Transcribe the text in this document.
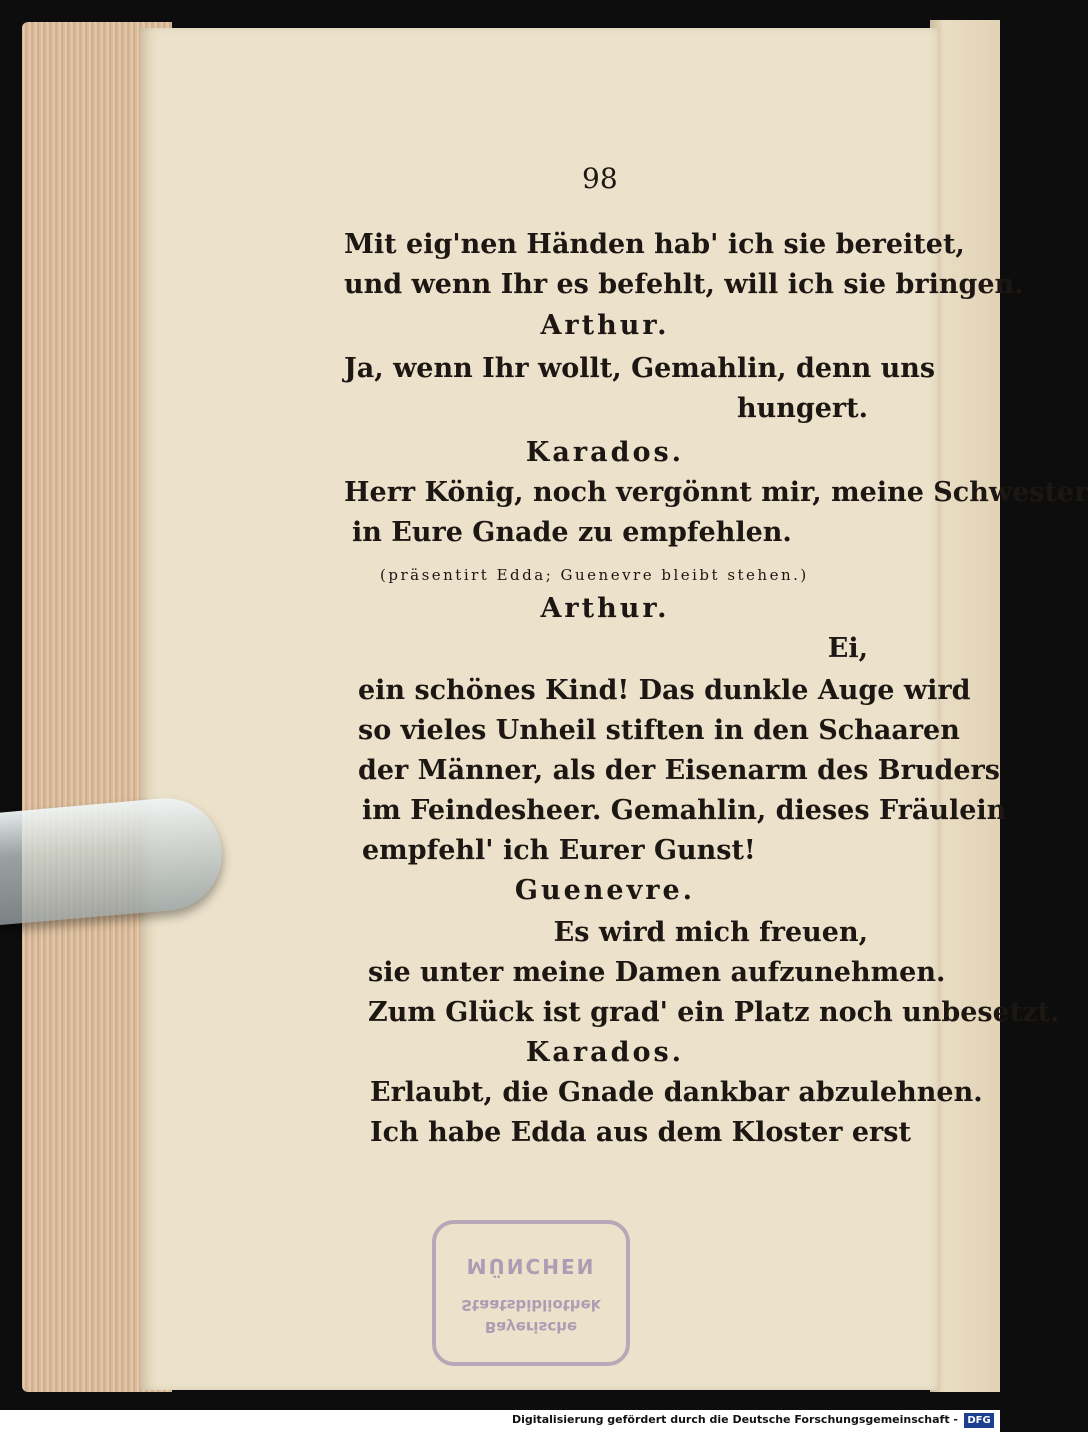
98

Mit eig'nen Händen hab' ich sie bereitet,

und wenn Ihr es befehlt, will ich sie bringen.

Arthur.

Ja, wenn Ihr wollt, Gemahlin, denn uns

hungert.

Karados.

Herr König, noch vergönnt mir, meine Schwester

in Eure Gnade zu empfehlen.

(präsentirt Edda; Guenevre bleibt stehen.)

Arthur.

Ei,

ein schönes Kind! Das dunkle Auge wird

so vieles Unheil stiften in den Schaaren

der Männer, als der Eisenarm des Bruders

im Feindesheer. Gemahlin, dieses Fräulein

empfehl' ich Eurer Gunst!

Guenevre.

Es wird mich freuen,

sie unter meine Damen aufzunehmen.

Zum Glück ist grad' ein Platz noch unbesetzt.

Karados.

Erlaubt, die Gnade dankbar abzulehnen.

Ich habe Edda aus dem Kloster erst

Bayerische
Staatsbibliothek
MÜNCHEN
Digitalisierung gefördert durch die Deutsche Forschungsgemeinschaft - DFG
